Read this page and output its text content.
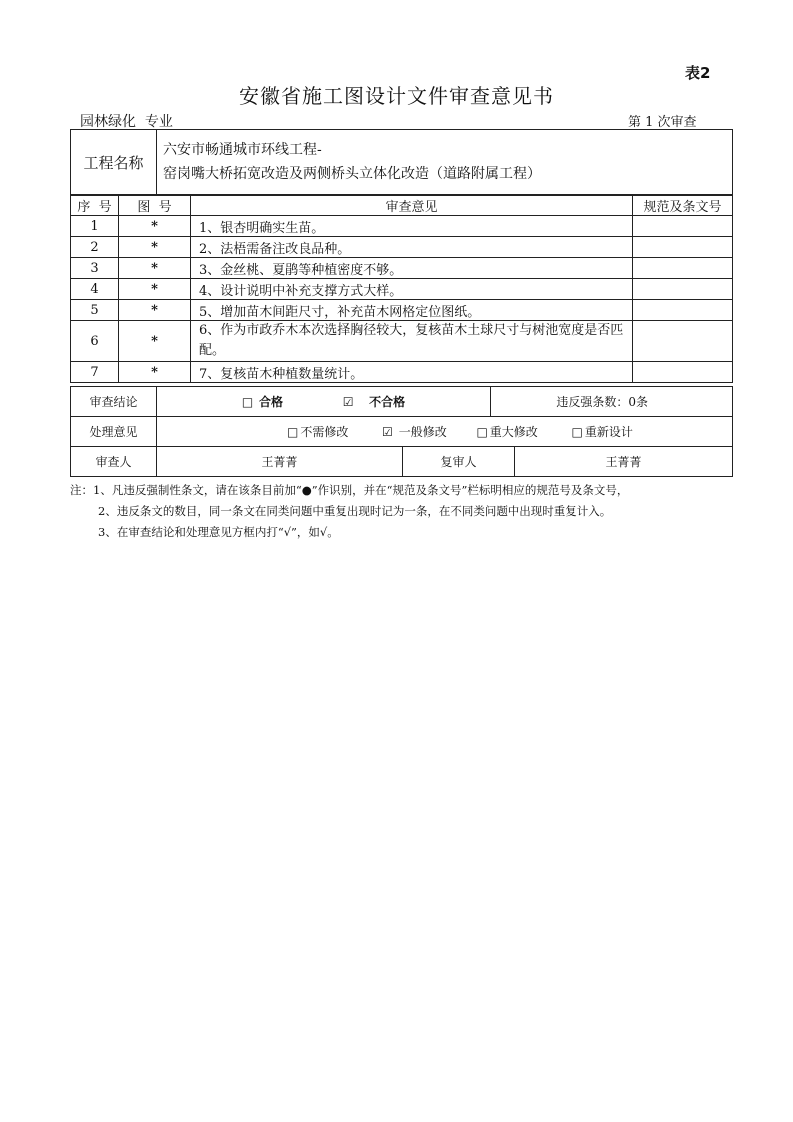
表2
安徽省施工图设计文件审查意见书
园林绿化  专业	第 1 次审查
工程名称	
六安市畅通城市环线工程-
窑岗嘴大桥拓宽改造及两侧桥头立体化改造（道路附属工程）
序  号	图  号	审查意见	规范及条文号
1	*	1、银杏明确实生苗。	
2	*	2、法梧需备注改良品种。	
3	*	3、金丝桃、夏鹃等种植密度不够。	
4	*	4、设计说明中补充支撑方式大样。	
5	*	5、增加苗木间距尺寸，补充苗木网格定位图纸。	
6	*	6、作为市政乔木本次选择胸径较大，复核苗木土球尺寸与树池宽度是否匹配。	
7	*	7、复核苗木种植数量统计。	
审查结论	□ 合格 ☑ 不合格	违反强条数：0条
处理意见	□ 不需修改 ☑ 一般修改 □ 重大修改 □ 重新设计	
审查人	王菁菁	复审人	王菁菁
注：1、凡违反强制性条文，请在该条目前加“●”作识别，并在“规范及条文号”栏标明相应的规范号及条文号，
2、违反条文的数目，同一条文在同类问题中重复出现时记为一条，在不同类问题中出现时重复计入。
3、在审查结论和处理意见方框内打“√”，如√。
